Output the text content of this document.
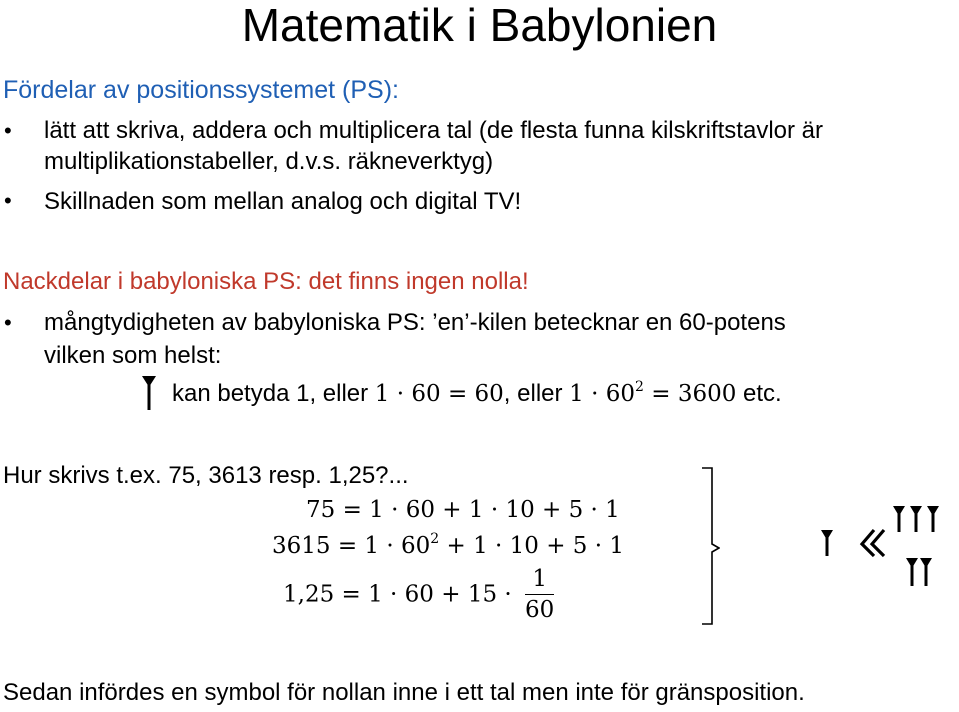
Matematik i Babylonien
Fördelar av positionssystemet (PS):
• lätt att skriva, addera och multiplicera tal (de flesta funna kilskriftstavlor är
multiplikationstabeller, d.v.s. räkneverktyg)
• Skillnaden som mellan analog och digital TV!
Nackdelar i babyloniska PS: det finns ingen nolla!
• mångtydigheten av babyloniska PS: ’en’-kilen betecknar en 60-potens
vilken som helst:
kan betyda 1, eller 1 · 60 = 60, eller $1 \cdot 60^2 = 3600$ etc.
Hur skrivs t.ex. 75, 3613 resp. 1,25?...
75 = 1 · 60 + 1 · 10 + 5 · 1
$3615 = 1 \cdot 60^2 + 1 \cdot 10 + 5 \cdot 1$
$1,25 = 1 \cdot 60 + 15 \cdot \frac{1}{60}$
Sedan infördes en symbol för nollan inne i ett tal men inte för gränsposition.
